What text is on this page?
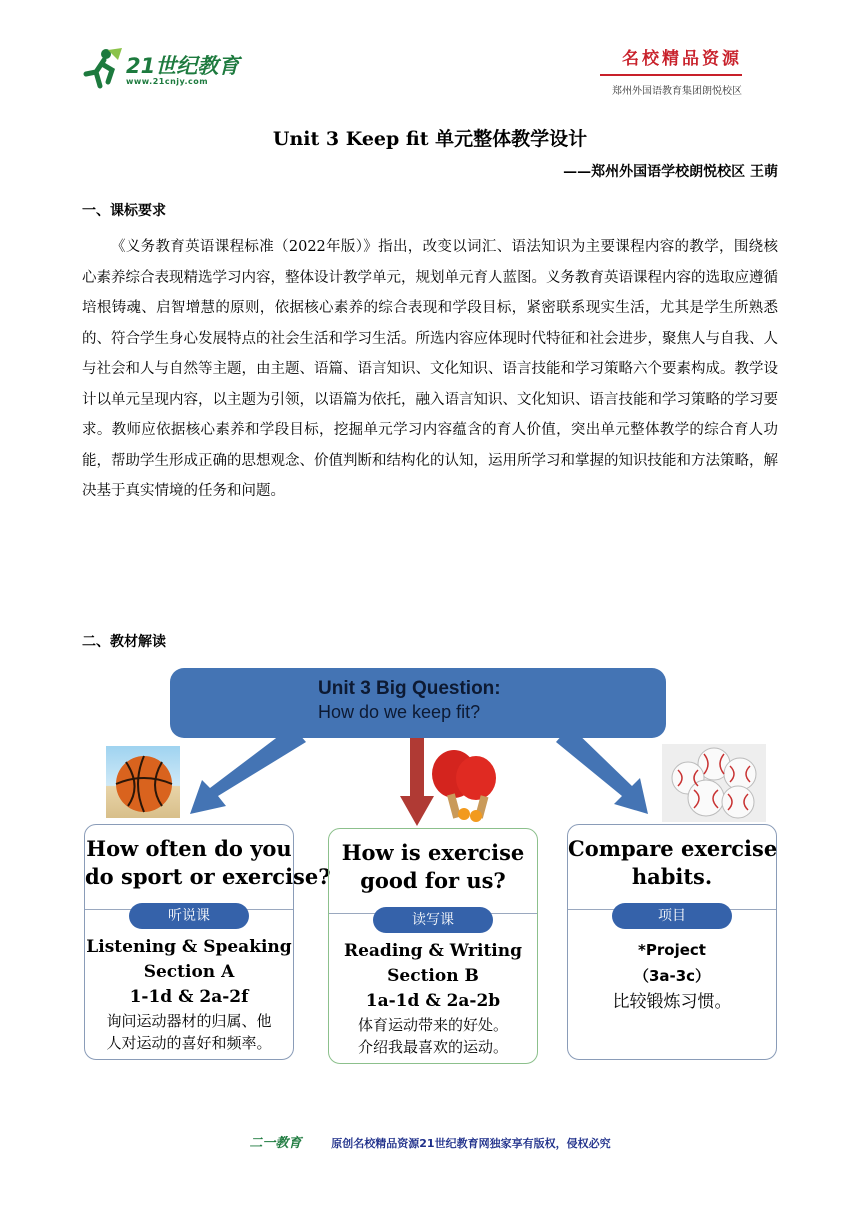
21世纪教育
www.21cnjy.com
名校精品资源
郑州外国语教育集团朗悦校区
Unit 3 Keep fit 单元整体教学设计
——郑州外国语学校朗悦校区 王萌
一、课标要求
《义务教育英语课程标准（2022年版）》指出，改变以词汇、语法知识为主要课程内容的教学，围绕核心素养综合表现精选学习内容，整体设计教学单元，规划单元育人蓝图。义务教育英语课程内容的选取应遵循培根铸魂、启智增慧的原则，依据核心素养的综合表现和学段目标，紧密联系现实生活，尤其是学生所熟悉的、符合学生身心发展特点的社会生活和学习生活。所选内容应体现时代特征和社会进步，聚焦人与自我、人与社会和人与自然等主题，由主题、语篇、语言知识、文化知识、语言技能和学习策略六个要素构成。教学设计以单元呈现内容，以主题为引领，以语篇为依托，融入语言知识、文化知识、语言技能和学习策略的学习要求。教师应依据核心素养和学段目标，挖掘单元学习内容蕴含的育人价值，突出单元整体教学的综合育人功能，帮助学生形成正确的思想观念、价值判断和结构化的认知，运用所学习和掌握的知识技能和方法策略，解决基于真实情境的任务和问题。
二、教材解读
Unit 3 Big Question:
How do we keep fit?
How often do you
do sport or exercise?
听说课
Listening & Speaking
Section A
1-1d & 2a-2f
询问运动器材的归属、他
人对运动的喜好和频率。
How is exercise
good for us?
读写课
Reading & Writing
Section B
1a-1d & 2a-2b
体育运动带来的好处。
介绍我最喜欢的运动。
Compare exercise
habits.
项目
*Project
（3a-3c）
比较锻炼习惯。
二一教育	原创名校精品资源21世纪教育网独家享有版权，侵权必究
